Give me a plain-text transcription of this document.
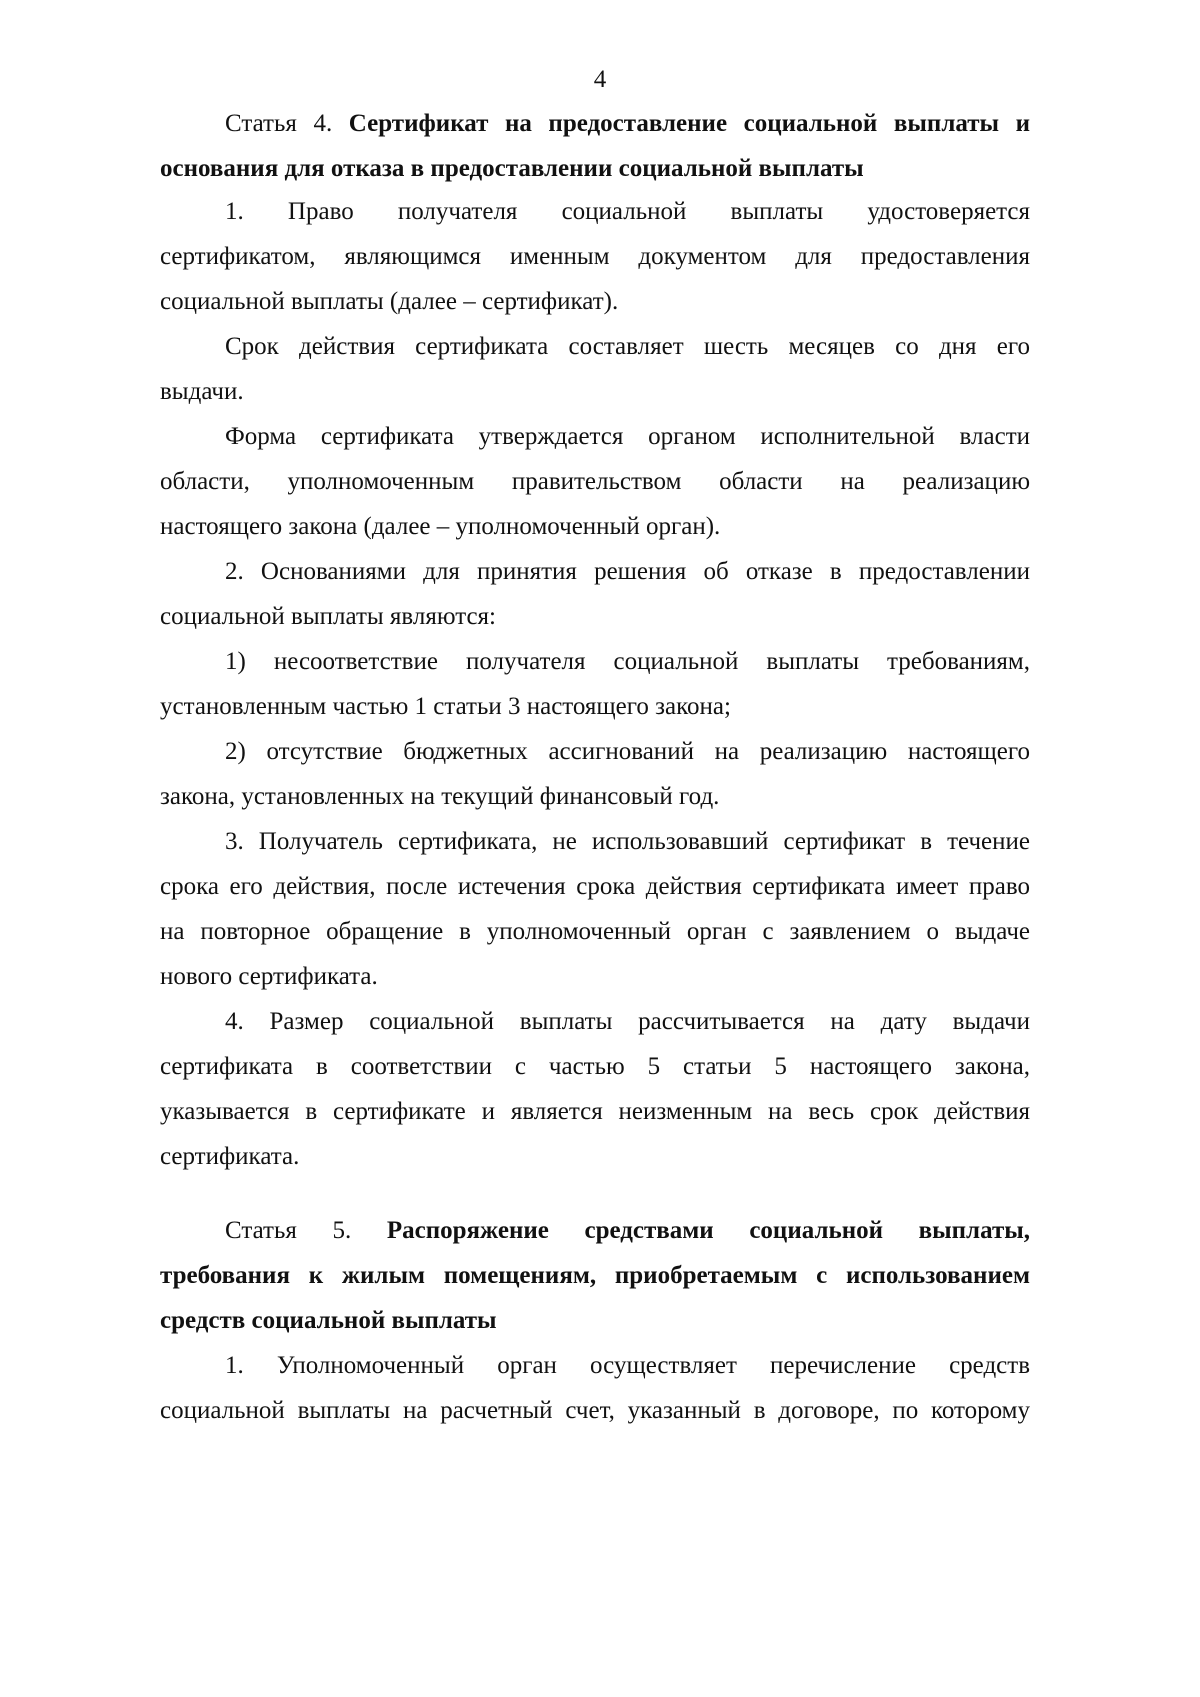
4
Статья 4. Сертификат на предоставление социальной выплаты и
основания для отказа в предоставлении социальной выплаты
1. Право получателя социальной выплаты удостоверяется
сертификатом, являющимся именным документом для предоставления
социальной выплаты (далее – сертификат).
Срок действия сертификата составляет шесть месяцев со дня его
выдачи.
Форма сертификата утверждается органом исполнительной власти
области, уполномоченным правительством области на реализацию
настоящего закона (далее – уполномоченный орган).
2. Основаниями для принятия решения об отказе в предоставлении
социальной выплаты являются:
1) несоответствие получателя социальной выплаты требованиям,
установленным частью 1 статьи 3 настоящего закона;
2) отсутствие бюджетных ассигнований на реализацию настоящего
закона, установленных на текущий финансовый год.
3. Получатель сертификата, не использовавший сертификат в течение
срока его действия, после истечения срока действия сертификата имеет право
на повторное обращение в уполномоченный орган с заявлением о выдаче
нового сертификата.
4. Размер социальной выплаты рассчитывается на дату выдачи
сертификата в соответствии с частью 5 статьи 5 настоящего закона,
указывается в сертификате и является неизменным на весь срок действия
сертификата.
Статья 5. Распоряжение средствами социальной выплаты,
требования к жилым помещениям, приобретаемым с использованием
средств социальной выплаты
1. Уполномоченный орган осуществляет перечисление средств
социальной выплаты на расчетный счет, указанный в договоре, по которому
